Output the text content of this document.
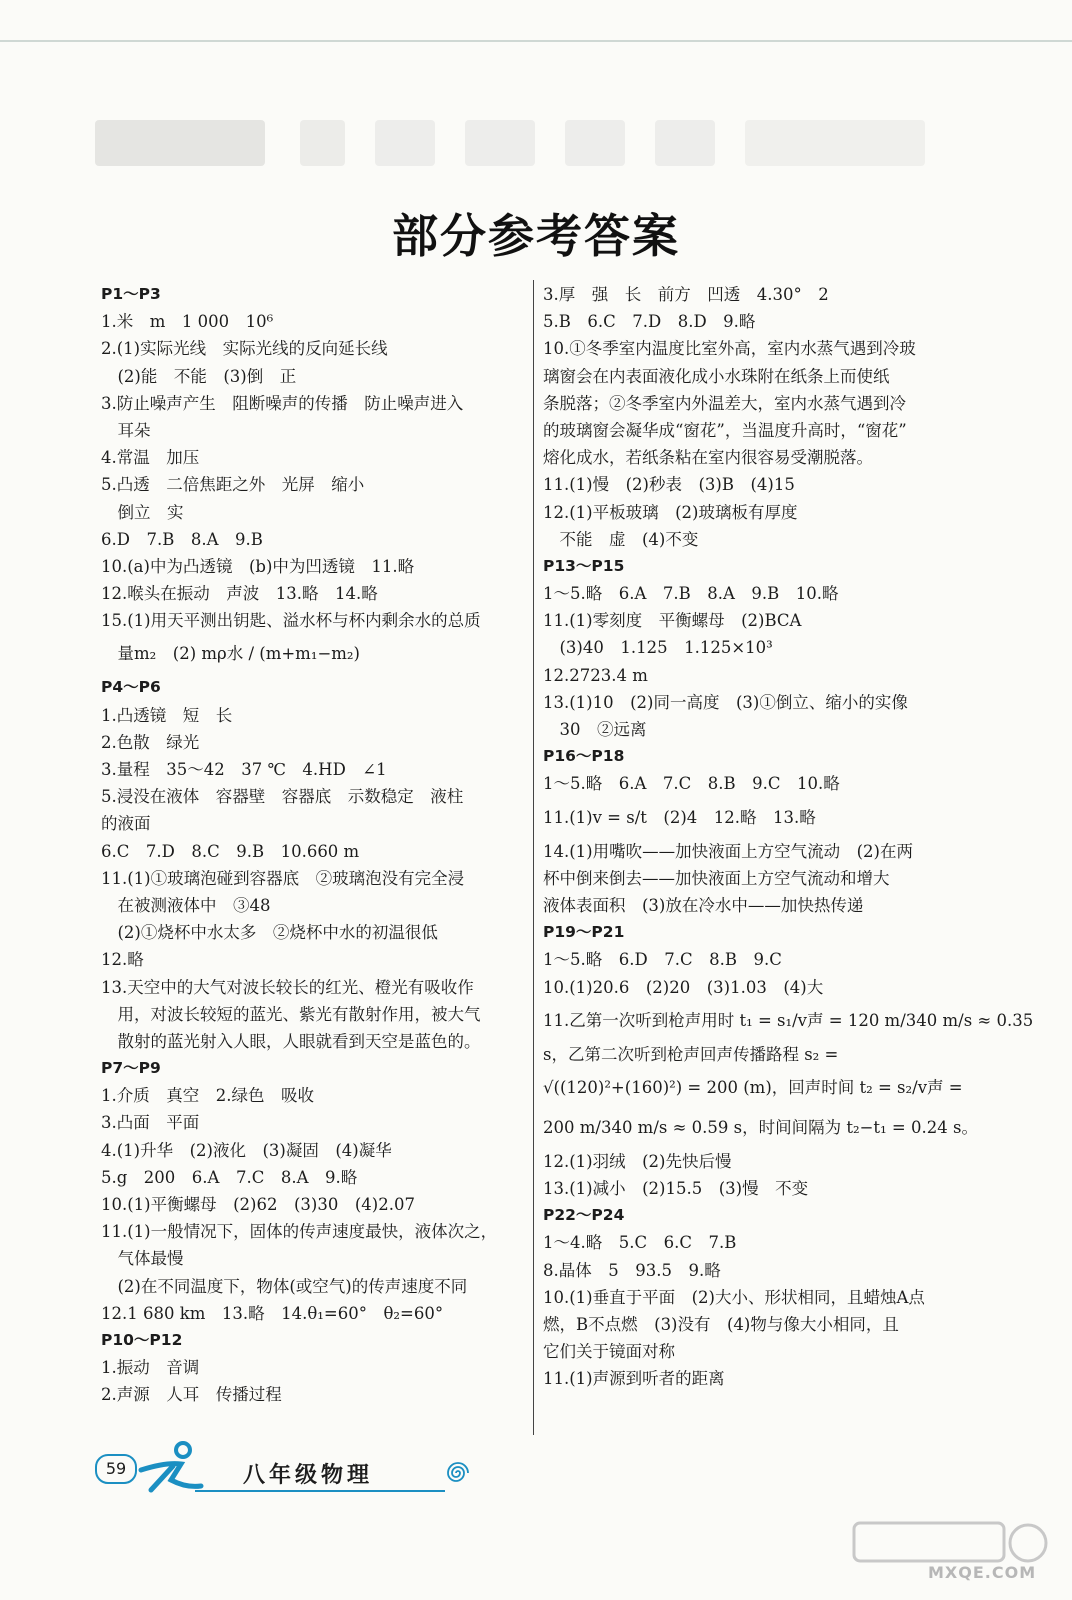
部分参考答案
P1～P3
1.米　m　1 000　10⁶
2.(1)实际光线　实际光线的反向延长线
　(2)能　不能　(3)倒　正
3.防止噪声产生　阻断噪声的传播　防止噪声进入
　耳朵
4.常温　加压
5.凸透　二倍焦距之外　光屏　缩小
　倒立　实
6.D　7.B　8.A　9.B
10.(a)中为凸透镜　(b)中为凹透镜　11.略
12.喉头在振动　声波　13.略　14.略
15.(1)用天平测出钥匙、溢水杯与杯内剩余水的总质
　量m₂　(2) mρ水 / (m+m₁−m₂)
P4～P6
1.凸透镜　短　长
2.色散　绿光
3.量程　35～42　37 ℃　4.HD　∠1
5.浸没在液体　容器壁　容器底　示数稳定　液柱
的液面
6.C　7.D　8.C　9.B　10.660 m
11.(1)①玻璃泡碰到容器底　②玻璃泡没有完全浸
　在被测液体中　③48
　(2)①烧杯中水太多　②烧杯中水的初温很低
12.略
13.天空中的大气对波长较长的红光、橙光有吸收作
　用，对波长较短的蓝光、紫光有散射作用，被大气
　散射的蓝光射入人眼，人眼就看到天空是蓝色的。
P7～P9
1.介质　真空　2.绿色　吸收
3.凸面　平面
4.(1)升华　(2)液化　(3)凝固　(4)凝华
5.g　200　6.A　7.C　8.A　9.略
10.(1)平衡螺母　(2)62　(3)30　(4)2.07
11.(1)一般情况下，固体的传声速度最快，液体次之，
　气体最慢
　(2)在不同温度下，物体(或空气)的传声速度不同
12.1 680 km　13.略　14.θ₁=60°　θ₂=60°
P10～P12
1.振动　音调
2.声源　人耳　传播过程
3.厚　强　长　前方　凹透　4.30°　2
5.B　6.C　7.D　8.D　9.略
10.①冬季室内温度比室外高，室内水蒸气遇到冷玻
璃窗会在内表面液化成小水珠附在纸条上而使纸
条脱落；②冬季室内外温差大，室内水蒸气遇到冷
的玻璃窗会凝华成“窗花”，当温度升高时，“窗花”
熔化成水，若纸条粘在室内很容易受潮脱落。
11.(1)慢　(2)秒表　(3)B　(4)15
12.(1)平板玻璃　(2)玻璃板有厚度
　不能　虚　(4)不变
P13～P15
1～5.略　6.A　7.B　8.A　9.B　10.略
11.(1)零刻度　平衡螺母　(2)BCA
　(3)40　1.125　1.125×10³
12.2723.4 m
13.(1)10　(2)同一高度　(3)①倒立、缩小的实像
　30　②远离
P16～P18
1～5.略　6.A　7.C　8.B　9.C　10.略
11.(1)v = s/t　(2)4　12.略　13.略
14.(1)用嘴吹——加快液面上方空气流动　(2)在两
杯中倒来倒去——加快液面上方空气流动和增大
液体表面积　(3)放在冷水中——加快热传递
P19～P21
1～5.略　6.D　7.C　8.B　9.C
10.(1)20.6　(2)20　(3)1.03　(4)大
11.乙第一次听到枪声用时 t₁ = s₁/v声 = 120 m/340 m/s ≈ 0.35
s，乙第二次听到枪声回声传播路程 s₂ =
√((120)²+(160)²) = 200 (m)，回声时间 t₂ = s₂/v声 =
200 m/340 m/s ≈ 0.59 s，时间间隔为 t₂−t₁ = 0.24 s。
12.(1)羽绒　(2)先快后慢
13.(1)减小　(2)15.5　(3)慢　不变
P22～P24
1～4.略　5.C　6.C　7.B
8.晶体　5　93.5　9.略
10.(1)垂直于平面　(2)大小、形状相同，且蜡烛A点
燃，B不点燃　(3)没有　(4)物与像大小相同，且
它们关于镜面对称
11.(1)声源到听者的距离
59	八年级物理
MXQE.COM
